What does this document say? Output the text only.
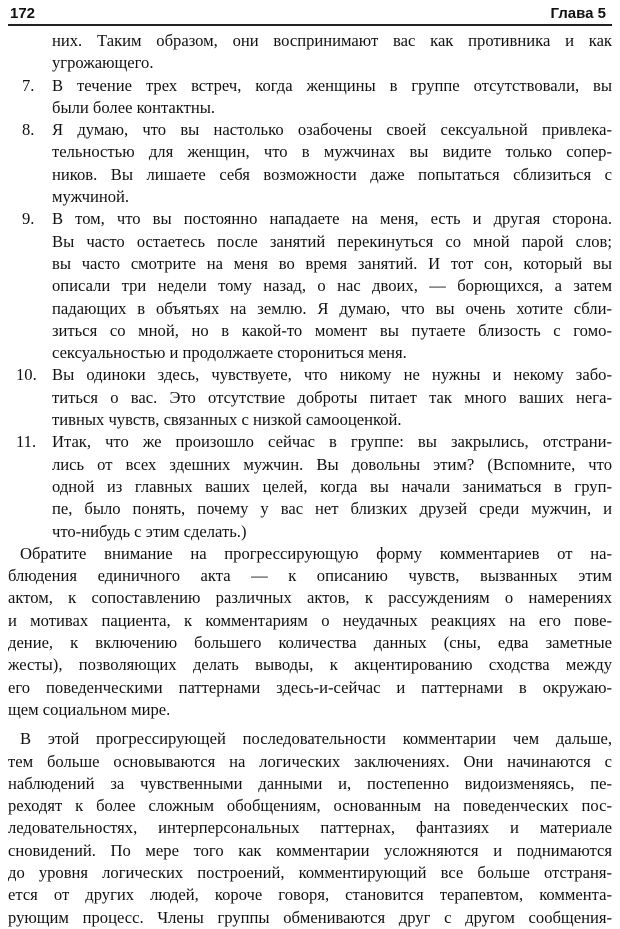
172	Глава 5
них. Таким образом, они воспринимают вас как противника и как
угрожающего.
7.	В течение трех встреч, когда женщины в группе отсутствовали, вы
были более контактны.
8.	Я думаю, что вы настолько озабочены своей сексуальной привлека-
тельностью для женщин, что в мужчинах вы видите только сопер-
ников. Вы лишаете себя возможности даже попытаться сблизиться с
мужчиной.
9.	В том, что вы постоянно нападаете на меня, есть и другая сторона.
Вы часто остаетесь после занятий перекинуться со мной парой слов;
вы часто смотрите на меня во время занятий. И тот сон, который вы
описали три недели тому назад, о нас двоих, — борющихся, а затем
падающих в объятьях на землю. Я думаю, что вы очень хотите сбли-
зиться со мной, но в какой-то момент вы путаете близость с гомо-
сексуальностью и продолжаете сторониться меня.
10. Вы одиноки здесь, чувствуете, что никому не нужны и некому забо-
титься о вас. Это отсутствие доброты питает так много ваших нега-
тивных чувств, связанных с низкой самооценкой.
11. Итак, что же произошло сейчас в группе: вы закрылись, отстрани-
лись от всех здешних мужчин. Вы довольны этим? (Вспомните, что
одной из главных ваших целей, когда вы начали заниматься в груп-
пе, было понять, почему у вас нет близких друзей среди мужчин, и
что-нибудь с этим сделать.)
Обратите внимание на прогрессирующую форму комментариев от на-
блюдения единичного акта — к описанию чувств, вызванных этим
актом, к сопоставлению различных актов, к рассуждениям о намерениях
и мотивах пациента, к комментариям о неудачных реакциях на его пове-
дение, к включению большего количества данных (сны, едва заметные
жесты), позволяющих делать выводы, к акцентированию сходства между
его поведенческими паттернами здесь-и-сейчас и паттернами в окружаю-
щем социальном мире.
В этой прогрессирующей последовательности комментарии чем дальше,
тем больше основываются на логических заключениях. Они начинаются с
наблюдений за чувственными данными и, постепенно видоизменяясь, пе-
реходят к более сложным обобщениям, основанным на поведенческих пос-
ледовательностях, интерперсональных паттернах, фантазиях и материале
сновидений. По мере того как комментарии усложняются и поднимаются
до уровня логических построений, комментирующий все больше отстраня-
ется от других людей, короче говоря, становится терапевтом, коммента-
рующим процесс. Члены группы обмениваются друг с другом сообщения-
